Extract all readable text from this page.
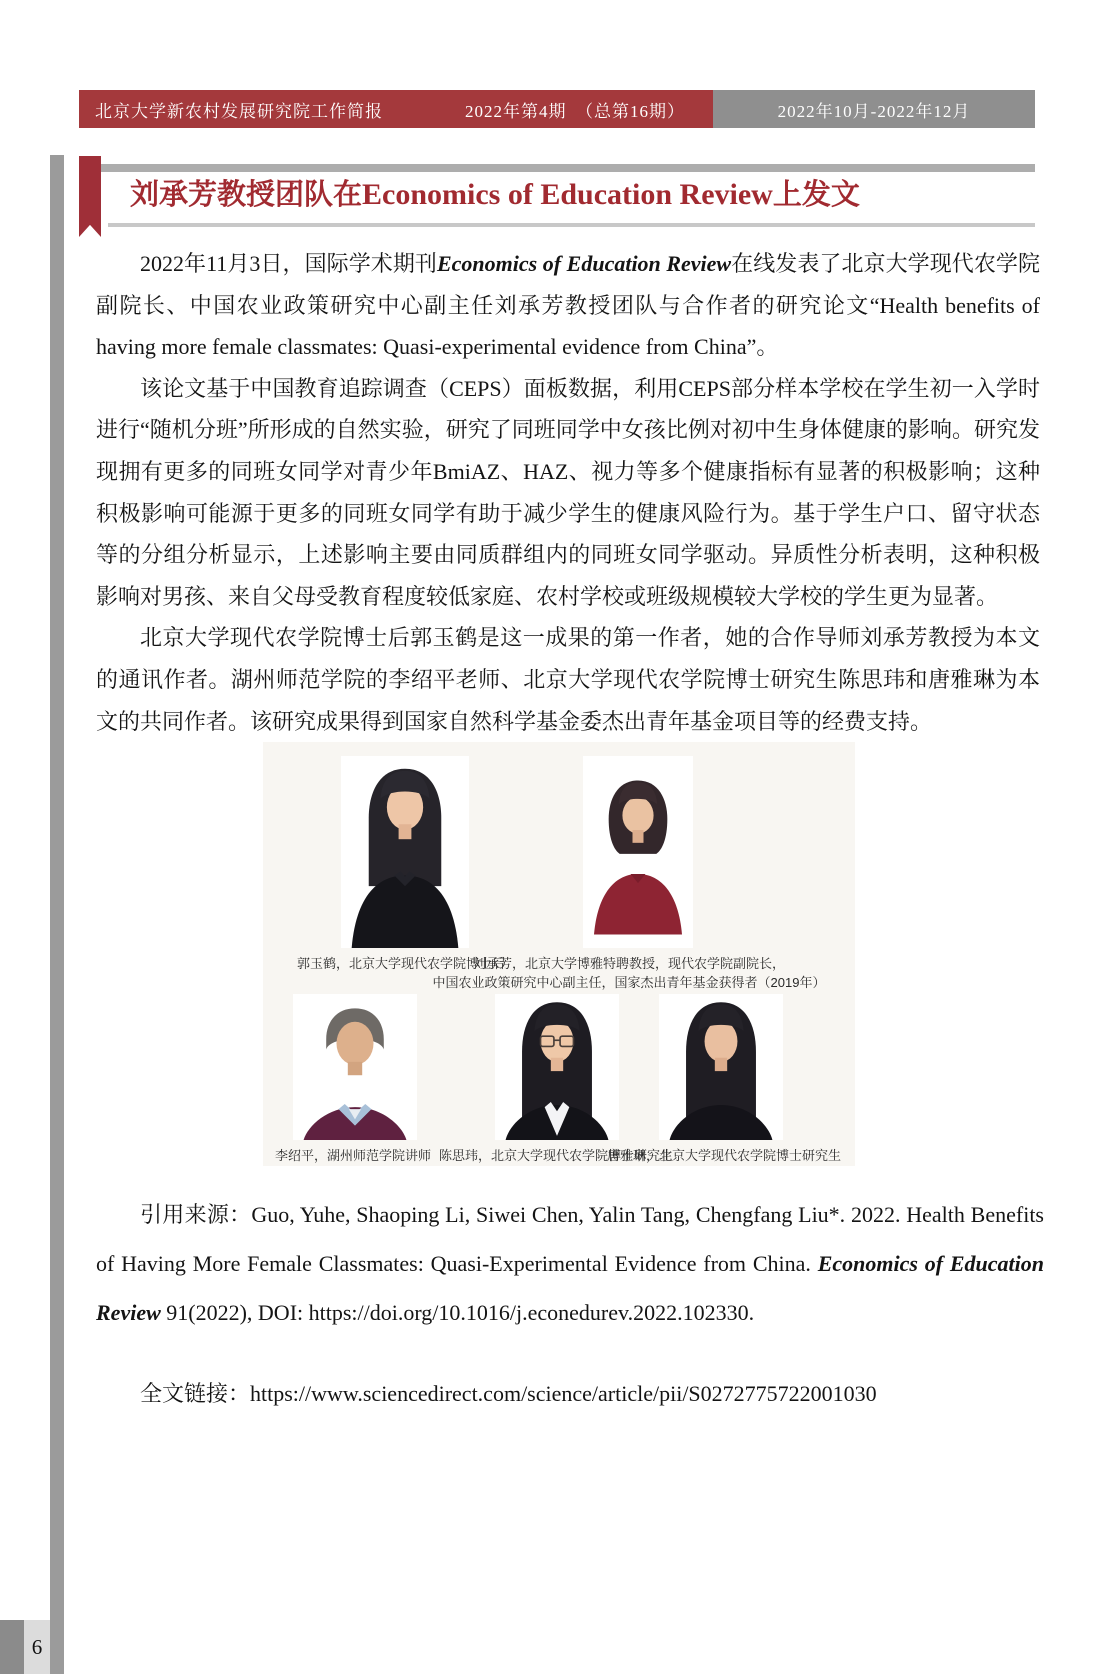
北京大学新农村发展研究院工作简报	2022年第4期　（总第16期）	2022年10月-2022年12月
6
刘承芳教授团队在Economics of Education Review上发文

2022年11月3日，国际学术期刊Economics of Education Review在线发表了北京大学现代农学院副院长、中国农业政策研究中心副主任刘承芳教授团队与合作者的研究论文“Health benefits of having more female classmates: Quasi-experimental evidence from China”。

该论文基于中国教育追踪调查（CEPS）面板数据，利用CEPS部分样本学校在学生初一入学时进行“随机分班”所形成的自然实验，研究了同班同学中女孩比例对初中生身体健康的影响。研究发现拥有更多的同班女同学对青少年BmiAZ、HAZ、视力等多个健康指标有显著的积极影响；这种积极影响可能源于更多的同班女同学有助于减少学生的健康风险行为。基于学生户口、留守状态等的分组分析显示，上述影响主要由同质群组内的同班女同学驱动。异质性分析表明，这种积极影响对男孩、来自父母受教育程度较低家庭、农村学校或班级规模较大学校的学生更为显著。

北京大学现代农学院博士后郭玉鹤是这一成果的第一作者，她的合作导师刘承芳教授为本文的通讯作者。湖州师范学院的李绍平老师、北京大学现代农学院博士研究生陈思玮和唐雅琳为本文的共同作者。该研究成果得到国家自然科学基金委杰出青年基金项目等的经费支持。

郭玉鹤，北京大学现代农学院博士后
刘承芳，北京大学博雅特聘教授，现代农学院副院长，
中国农业政策研究中心副主任，国家杰出青年基金获得者（2019年）
李绍平，湖州师范学院讲师 陈思玮，北京大学现代农学院博士研究生
唐雅琳，北京大学现代农学院博士研究生

引用来源：Guo, Yuhe, Shaoping Li, Siwei Chen, Yalin Tang, Chengfang Liu*. 2022. Health Benefits of Having More Female Classmates: Quasi-Experimental Evidence from China. Economics of Education Review 91(2022), DOI: https://doi.org/10.1016/j.econedurev.2022.102330.

全文链接：https://www.sciencedirect.com/science/article/pii/S0272775722001030
